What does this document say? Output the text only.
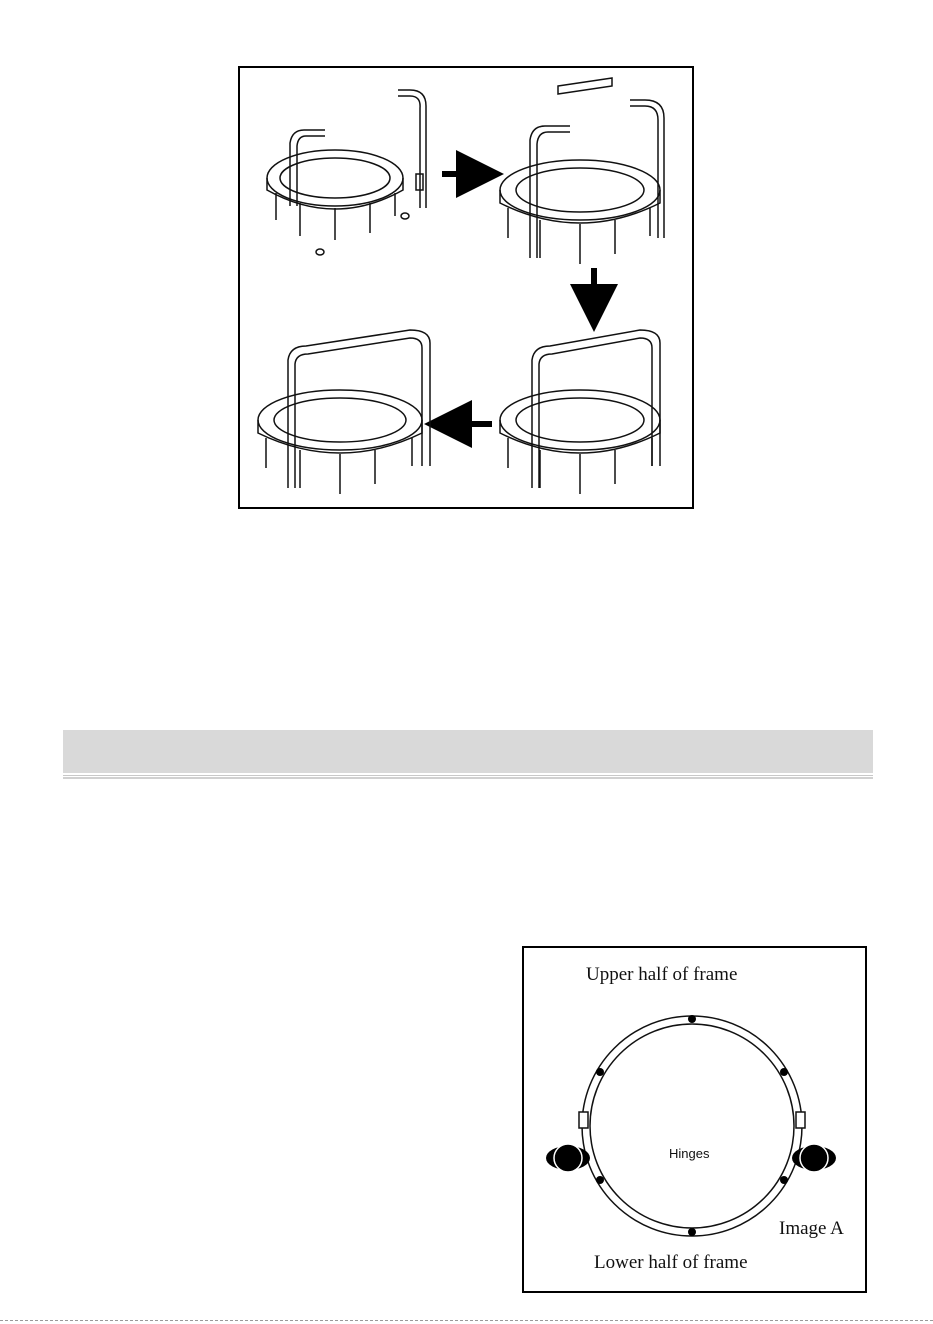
Upper half of frame
Hinges
Image A
Lower half of frame
